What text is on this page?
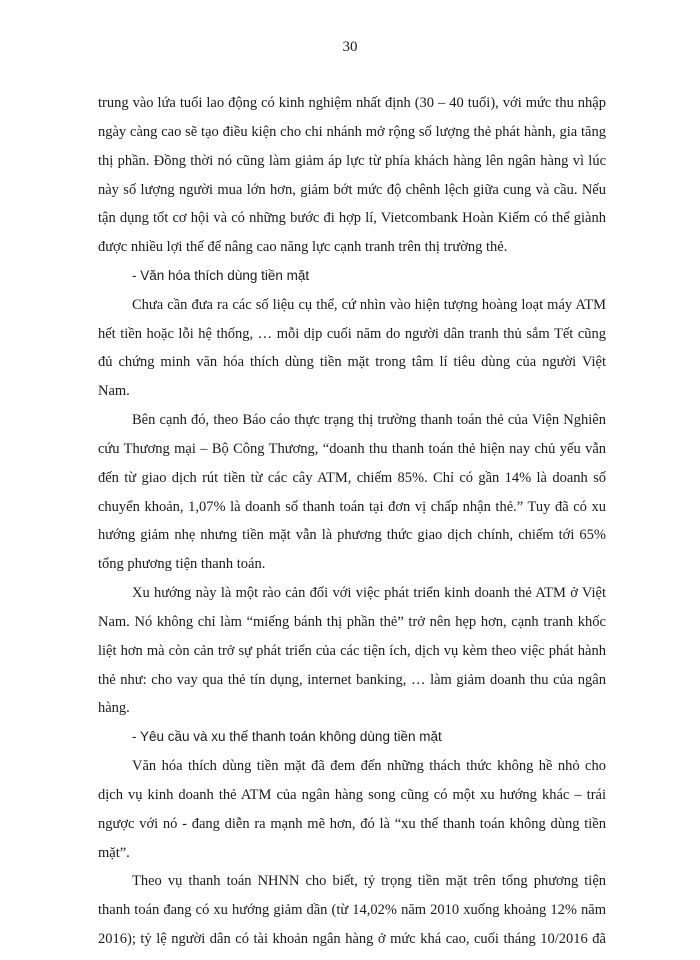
30
trung vào lứa tuổi lao động có kinh nghiệm nhất định (30 – 40 tuổi), với mức thu nhập
ngày càng cao sẽ tạo điều kiện cho chi nhánh mở rộng số lượng thẻ phát hành, gia tăng
thị phần. Đồng thời nó cũng làm giảm áp lực từ phía khách hàng lên ngân hàng vì lúc
này số lượng người mua lớn hơn, giảm bớt mức độ chênh lệch giữa cung và cầu. Nếu
tận dụng tốt cơ hội và có những bước đi hợp lí, Vietcombank Hoàn Kiếm có thể giành
được nhiều lợi thế để nâng cao năng lực cạnh tranh trên thị trường thẻ.
- Văn hóa thích dùng tiền mặt
Chưa cần đưa ra các số liệu cụ thể, cứ nhìn vào hiện tượng hoàng loạt máy ATM
hết tiền hoặc lỗi hệ thống, … mỗi dịp cuối năm do người dân tranh thủ sắm Tết cũng
đủ chứng minh văn hóa thích dùng tiền mặt trong tâm lí tiêu dùng của người Việt
Nam.
Bên cạnh đó, theo Báo cáo thực trạng thị trường thanh toán thẻ của Viện Nghiên
cứu Thương mại – Bộ Công Thương, “doanh thu thanh toán thẻ hiện nay chủ yếu vẫn
đến từ giao dịch rút tiền từ các cây ATM, chiếm 85%. Chỉ có gần 14% là doanh số
chuyển khoản, 1,07% là doanh số thanh toán tại đơn vị chấp nhận thẻ.” Tuy đã có xu
hướng giảm nhẹ nhưng tiền mặt vẫn là phương thức giao dịch chính, chiếm tới 65%
tổng phương tiện thanh toán.
Xu hướng này là một rào cản đối với việc phát triển kinh doanh thẻ ATM ở Việt
Nam. Nó không chỉ làm “miếng bánh thị phần thẻ” trở nên hẹp hơn, cạnh tranh khốc
liệt hơn mà còn cản trở sự phát triển của các tiện ích, dịch vụ kèm theo việc phát hành
thẻ như: cho vay qua thẻ tín dụng, internet banking, … làm giảm doanh thu của ngân
hàng.
- Yêu cầu và xu thế thanh toán không dùng tiền mặt
Văn hóa thích dùng tiền mặt đã đem đến những thách thức không hề nhỏ cho
dịch vụ kinh doanh thẻ ATM của ngân hàng song cũng có một xu hướng khác – trái
ngược với nó - đang diễn ra mạnh mẽ hơn, đó là “xu thế thanh toán không dùng tiền
mặt”.
Theo vụ thanh toán NHNN cho biết, tỷ trọng tiền mặt trên tổng phương tiện
thanh toán đang có xu hướng giảm dần (từ 14,02% năm 2010 xuống khoảng 12% năm
2016); tỷ lệ người dân có tài khoản ngân hàng ở mức khá cao, cuối tháng 10/2016 đã
